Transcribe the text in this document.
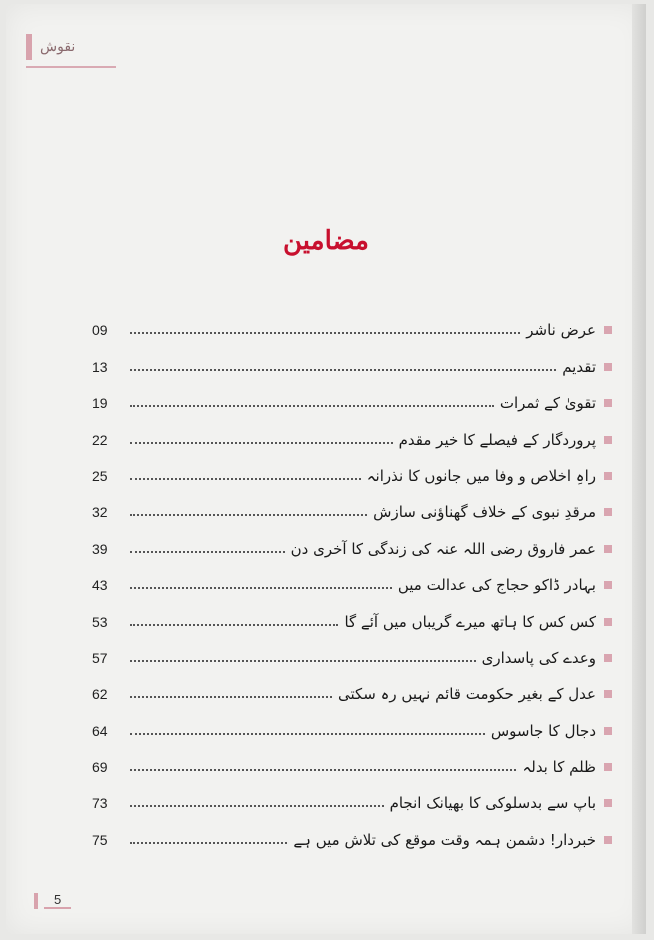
نقوش

مضامین
09	عرض ناشر
13	تقدیم
19	تقویٰ کے ثمرات
22	پروردگار کے فیصلے کا خیر مقدم
25	راہِ اخلاص و وفا میں جانوں کا نذرانہ
32	مرقدِ نبوی کے خلاف گھناؤنی سازش
39	عمر فاروق رضی اللہ عنہ کی زندگی کا آخری دن
43	بہادر ڈاکو حجاج کی عدالت میں
53	کس کس کا ہاتھ میرے گریباں میں آئے گا
57	وعدے کی پاسداری
62	عدل کے بغیر حکومت قائم نہیں رہ سکتی
64	دجال کا جاسوس
69	ظلم کا بدلہ
73	باپ سے بدسلوکی کا بھیانک انجام
75	خبردار! دشمن ہمہ وقت موقع کی تلاش میں ہے
5
